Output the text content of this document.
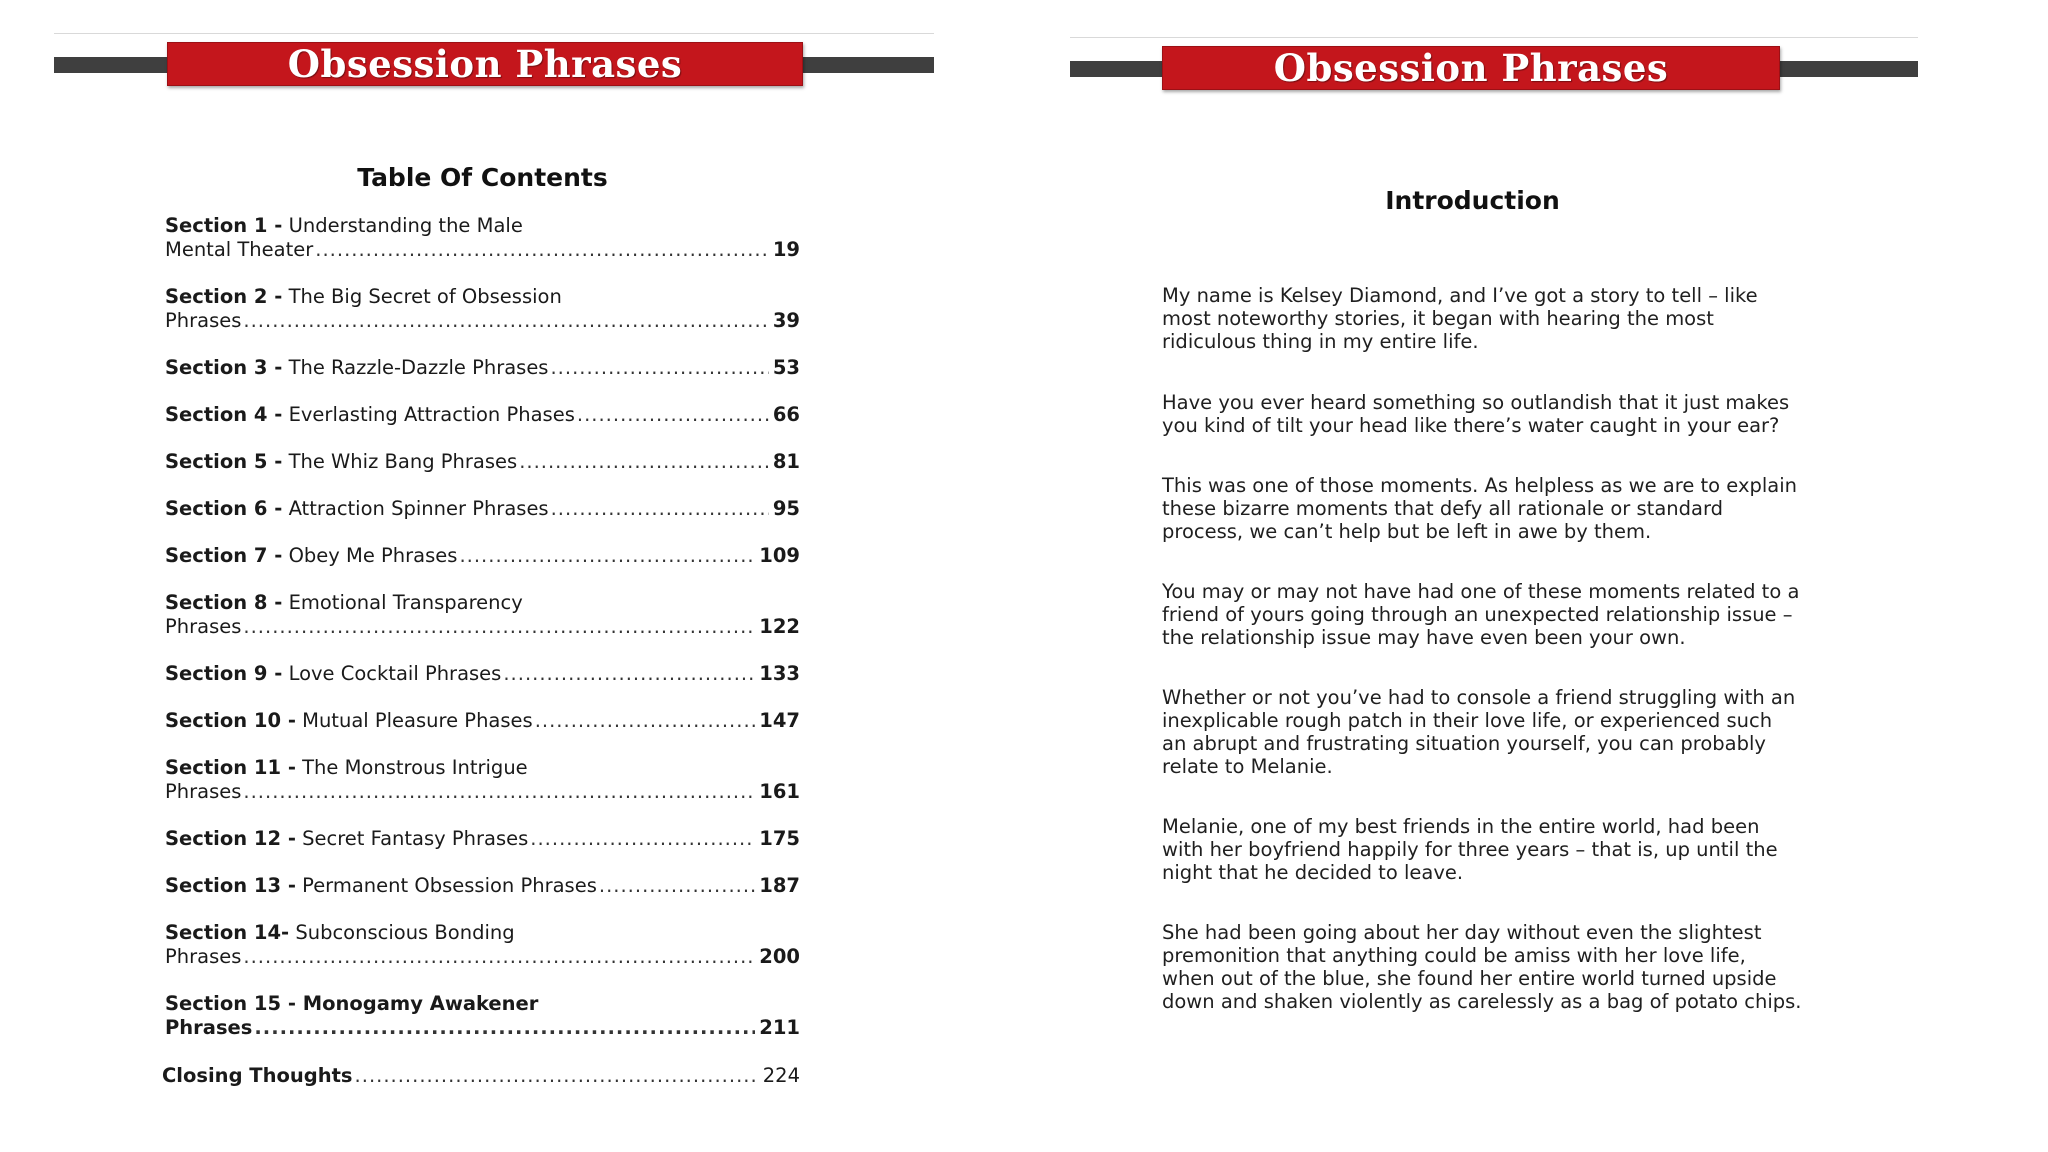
Obsession Phrases
Table Of Contents
Section 1 - Understanding the Male
Mental Theater .....	19
Section 2 - The Big Secret of Obsession
Phrases .....	39
Section 3 - The Razzle-Dazzle Phrases .....	53
Section 4 - Everlasting Attraction Phases .....	66
Section 5 - The Whiz Bang Phrases .....	81
Section 6 - Attraction Spinner Phrases .....	95
Section 7 - Obey Me Phrases .....	109
Section 8 - Emotional Transparency
Phrases .....	122
Section 9 - Love Cocktail Phrases .....	133
Section 10 - Mutual Pleasure Phases .....	147
Section 11 - The Monstrous Intrigue
Phrases .....	161
Section 12 - Secret Fantasy Phrases .....	175
Section 13 - Permanent Obsession Phrases .....	187
Section 14- Subconscious Bonding
Phrases .....	200
Section 15 - Monogamy Awakener
Phrases .....	211
Closing Thoughts .....	224
Obsession Phrases
Introduction

My name is Kelsey Diamond, and I’ve got a story to tell – like most noteworthy stories, it began with hearing the most ridiculous thing in my entire life.

Have you ever heard something so outlandish that it just makes you kind of tilt your head like there’s water caught in your ear?

This was one of those moments. As helpless as we are to explain these bizarre moments that defy all rationale or standard process, we can’t help but be left in awe by them.

You may or may not have had one of these moments related to a friend of yours going through an unexpected relationship issue – the relationship issue may have even been your own.

Whether or not you’ve had to console a friend struggling with an inexplicable rough patch in their love life, or experienced such an abrupt and frustrating situation yourself, you can probably relate to Melanie.

Melanie, one of my best friends in the entire world, had been with her boyfriend happily for three years – that is, up until the night that he decided to leave.

She had been going about her day without even the slightest premonition that anything could be amiss with her love life, when out of the blue, she found her entire world turned upside down and shaken violently as carelessly as a bag of potato chips.
